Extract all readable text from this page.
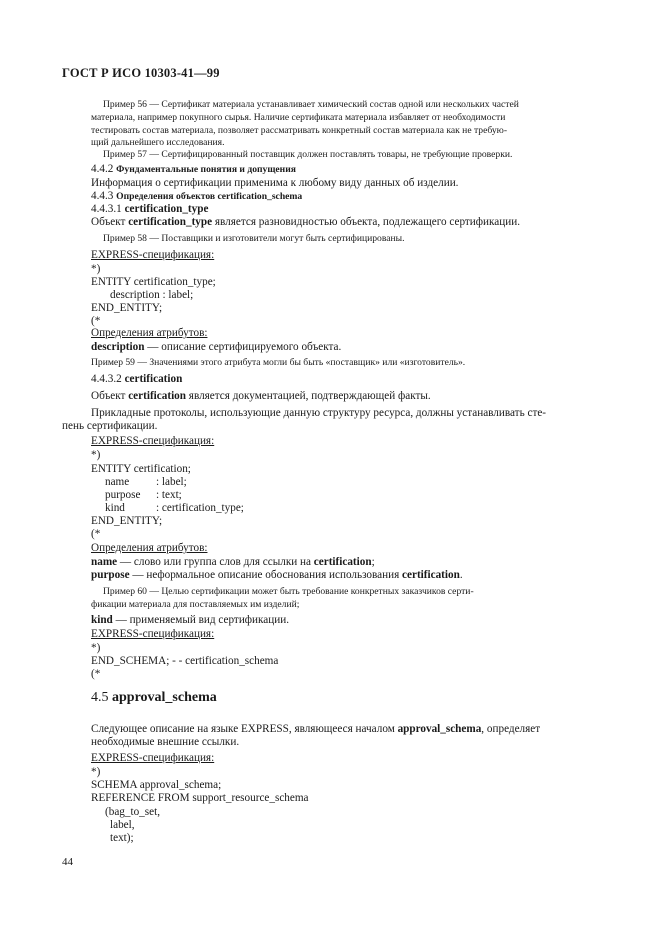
ГОСТ Р ИСО 10303-41—99
Пример 56 — Сертификат материала устанавливает химический состав одной или нескольких частей
материала, например покупного сырья. Наличие сертификата материала избавляет от необходимости
тестировать состав материала, позволяет рассматривать конкретный состав материала как не требую-
щий дальнейшего исследования.
Пример 57 — Сертифицированный поставщик должен поставлять товары, не требующие проверки.
4.4.2 Фундаментальные понятия и допущения
Информация о сертификации применима к любому виду данных об изделии.
4.4.3 Определения объектов certification_schema
4.4.3.1 certification_type
Объект certification_type является разновидностью объекта, подлежащего сертификации.
Пример 58 — Поставщики и изготовители могут быть сертифицированы.
EXPRESS-спецификация:
*)
ENTITY certification_type;
description : label;
END_ENTITY;
(*
Определения атрибутов:
description — описание сертифицируемого объекта.
Пример 59 — Значениями этого атрибута могли бы быть «поставщик» или «изготовитель».
4.4.3.2 certification
Объект certification является документацией, подтверждающей факты.
Прикладные протоколы, использующие данную структуру ресурса, должны устанавливать сте-
пень сертификации.
EXPRESS-спецификация:
*)
ENTITY certification;
name : label;
purpose : text;
kind	: certification_type;
END_ENTITY;
(*
Определения атрибутов:
name — слово или группа слов для ссылки на certification;
purpose — неформальное описание обоснования использования certification.
Пример 60 — Целью сертификации может быть требование конкретных заказчиков серти-
фикации материала для поставляемых им изделий;
kind — применяемый вид сертификации.
EXPRESS-спецификация:
*)
END_SCHEMA; - - certification_schema
(*
4.5 approval_schema
Следующее описание на языке EXPRESS, являющееся началом approval_schema, определяет
необходимые внешние ссылки.
EXPRESS-спецификация:
*)
SCHEMA approval_schema;
REFERENCE FROM support_resource_schema
(bag_to_set,
label,
text);
44
